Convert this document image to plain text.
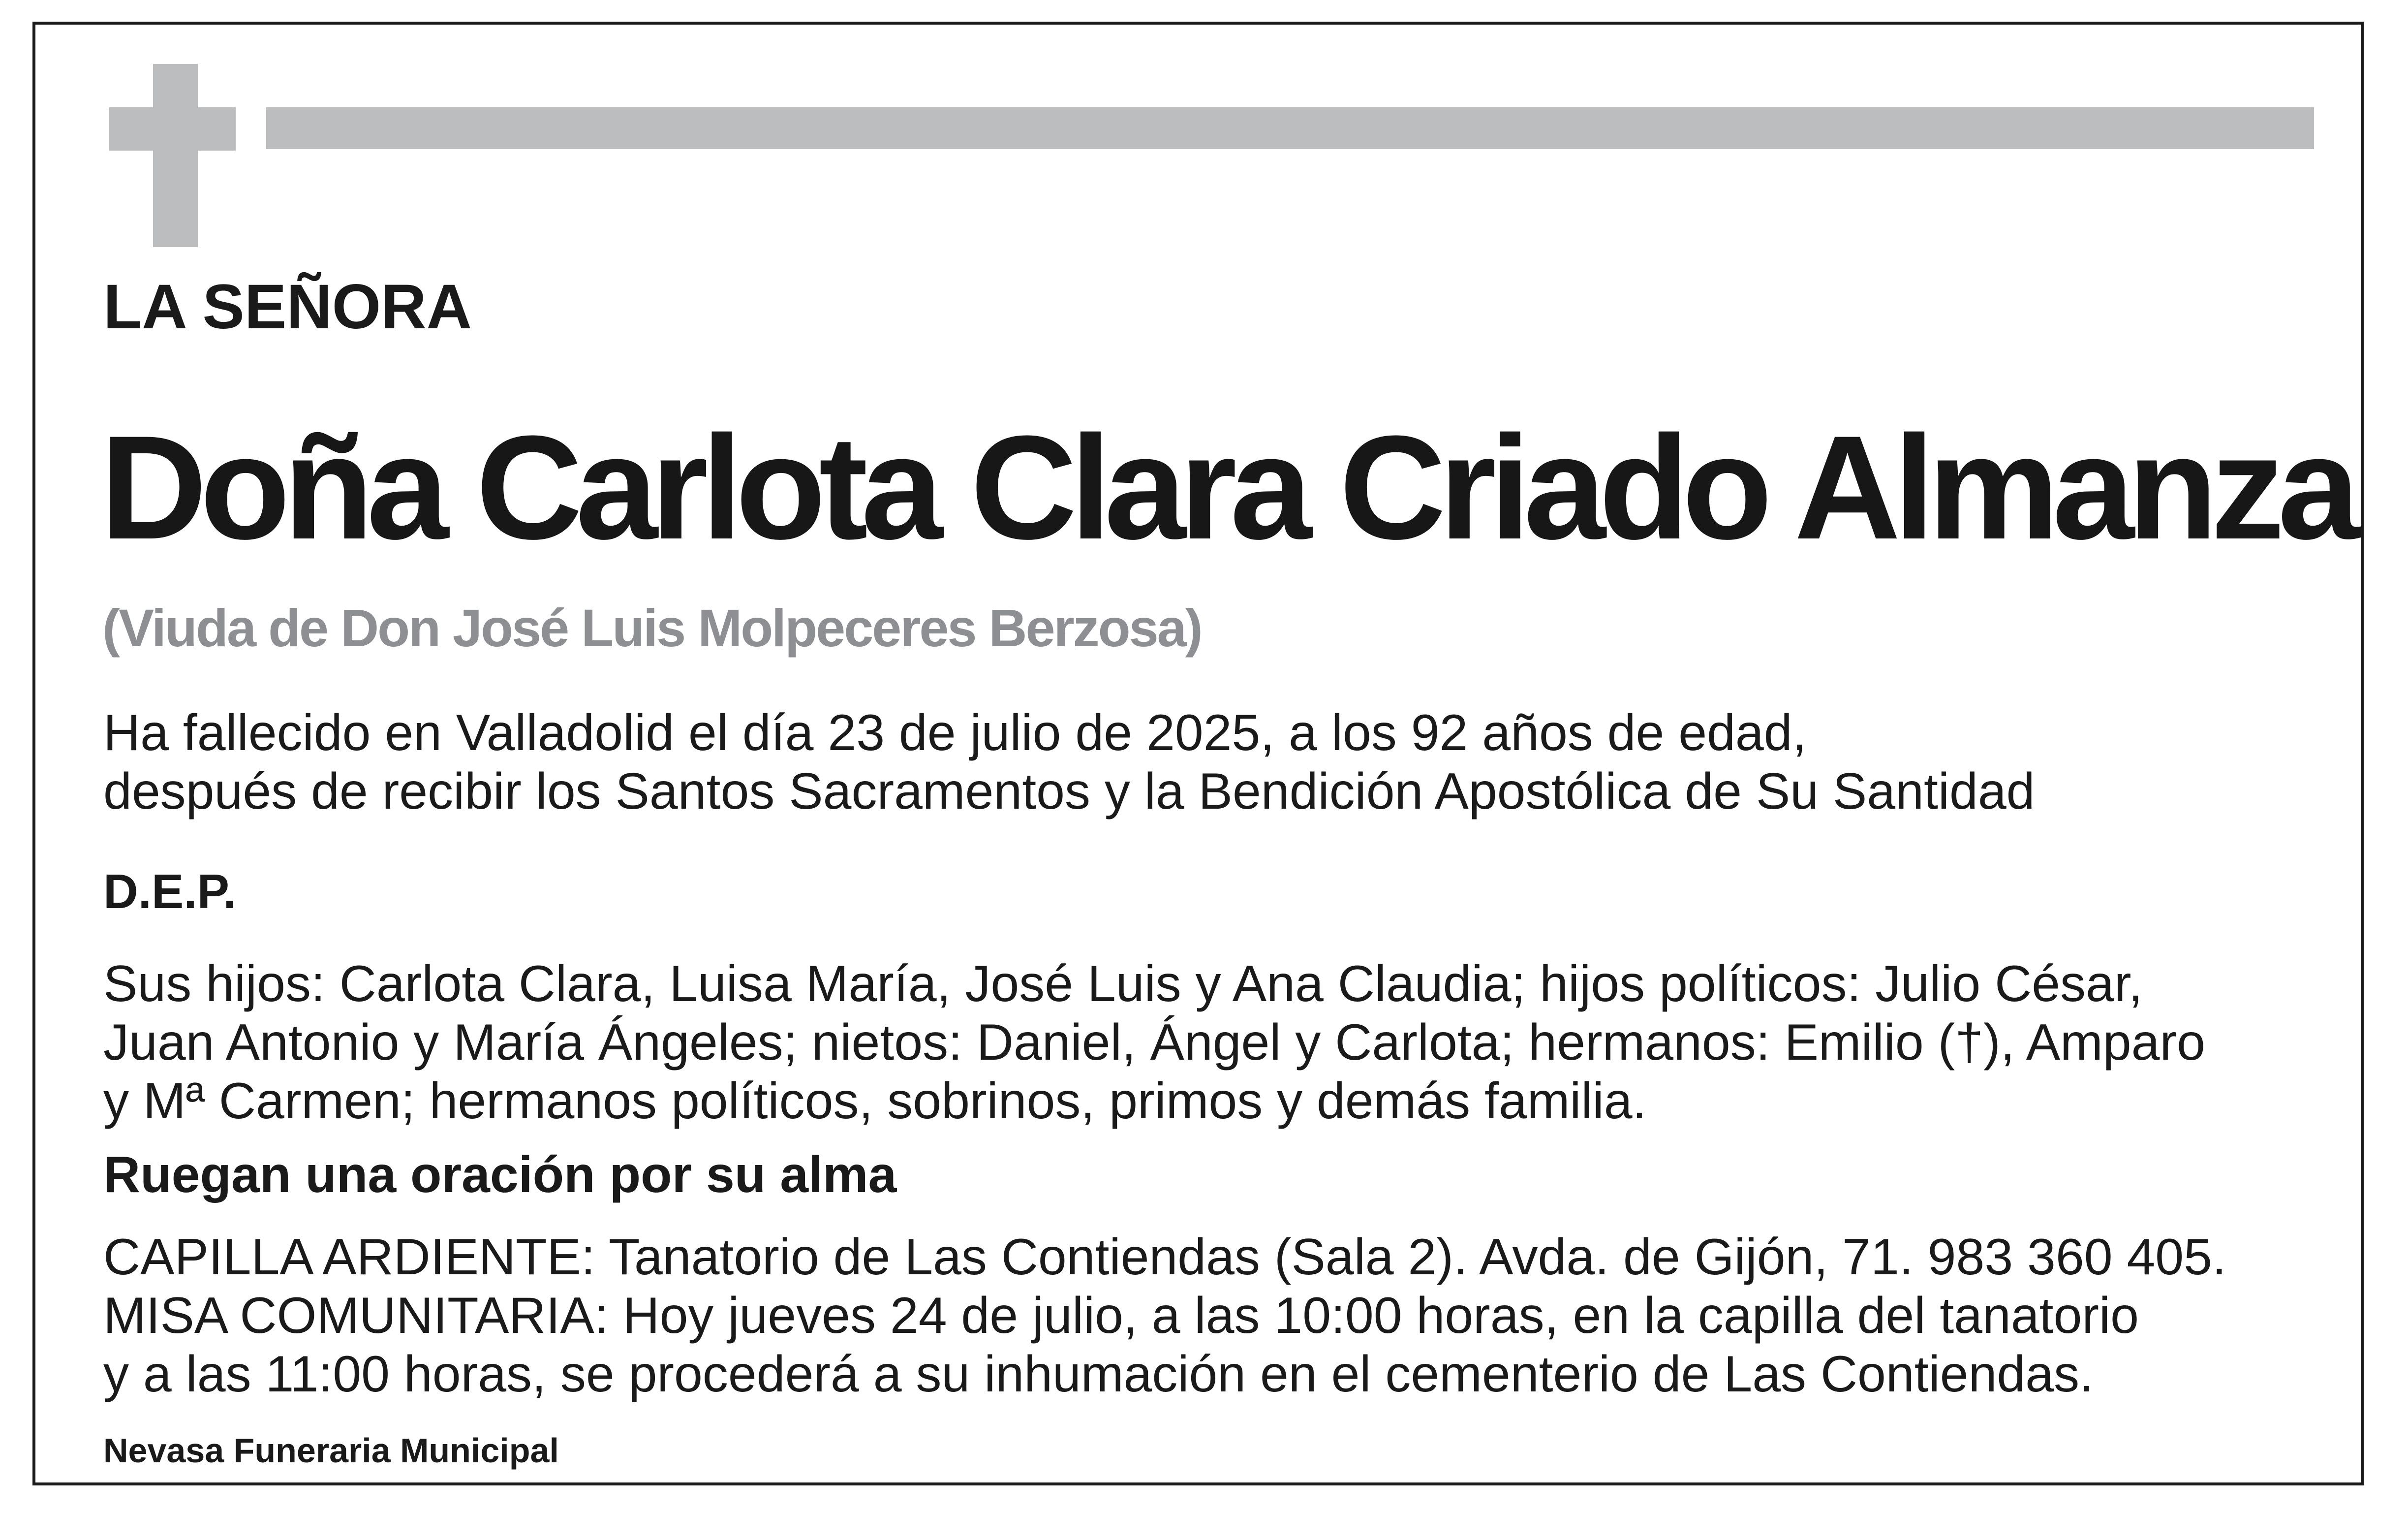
LA SEÑORA

Doña Carlota Clara Criado Almanza

(Viuda de Don José Luis Molpeceres Berzosa)

Ha fallecido en Valladolid el día 23 de julio de 2025, a los 92 años de edad,
después de recibir los Santos Sacramentos y la Bendición Apostólica de Su Santidad

D.E.P.

Sus hijos: Carlota Clara, Luisa María, José Luis y Ana Claudia; hijos políticos: Julio César,
Juan Antonio y María Ángeles; nietos: Daniel, Ángel y Carlota; hermanos: Emilio (†), Amparo
y Mª Carmen; hermanos políticos, sobrinos, primos y demás familia.

Ruegan una oración por su alma

CAPILLA ARDIENTE: Tanatorio de Las Contiendas (Sala 2). Avda. de Gijón, 71. 983 360 405.
MISA COMUNITARIA: Hoy jueves 24 de julio, a las 10:00 horas, en la capilla del tanatorio
y a las 11:00 horas, se procederá a su inhumación en el cementerio de Las Contiendas.

Nevasa Funeraria Municipal
